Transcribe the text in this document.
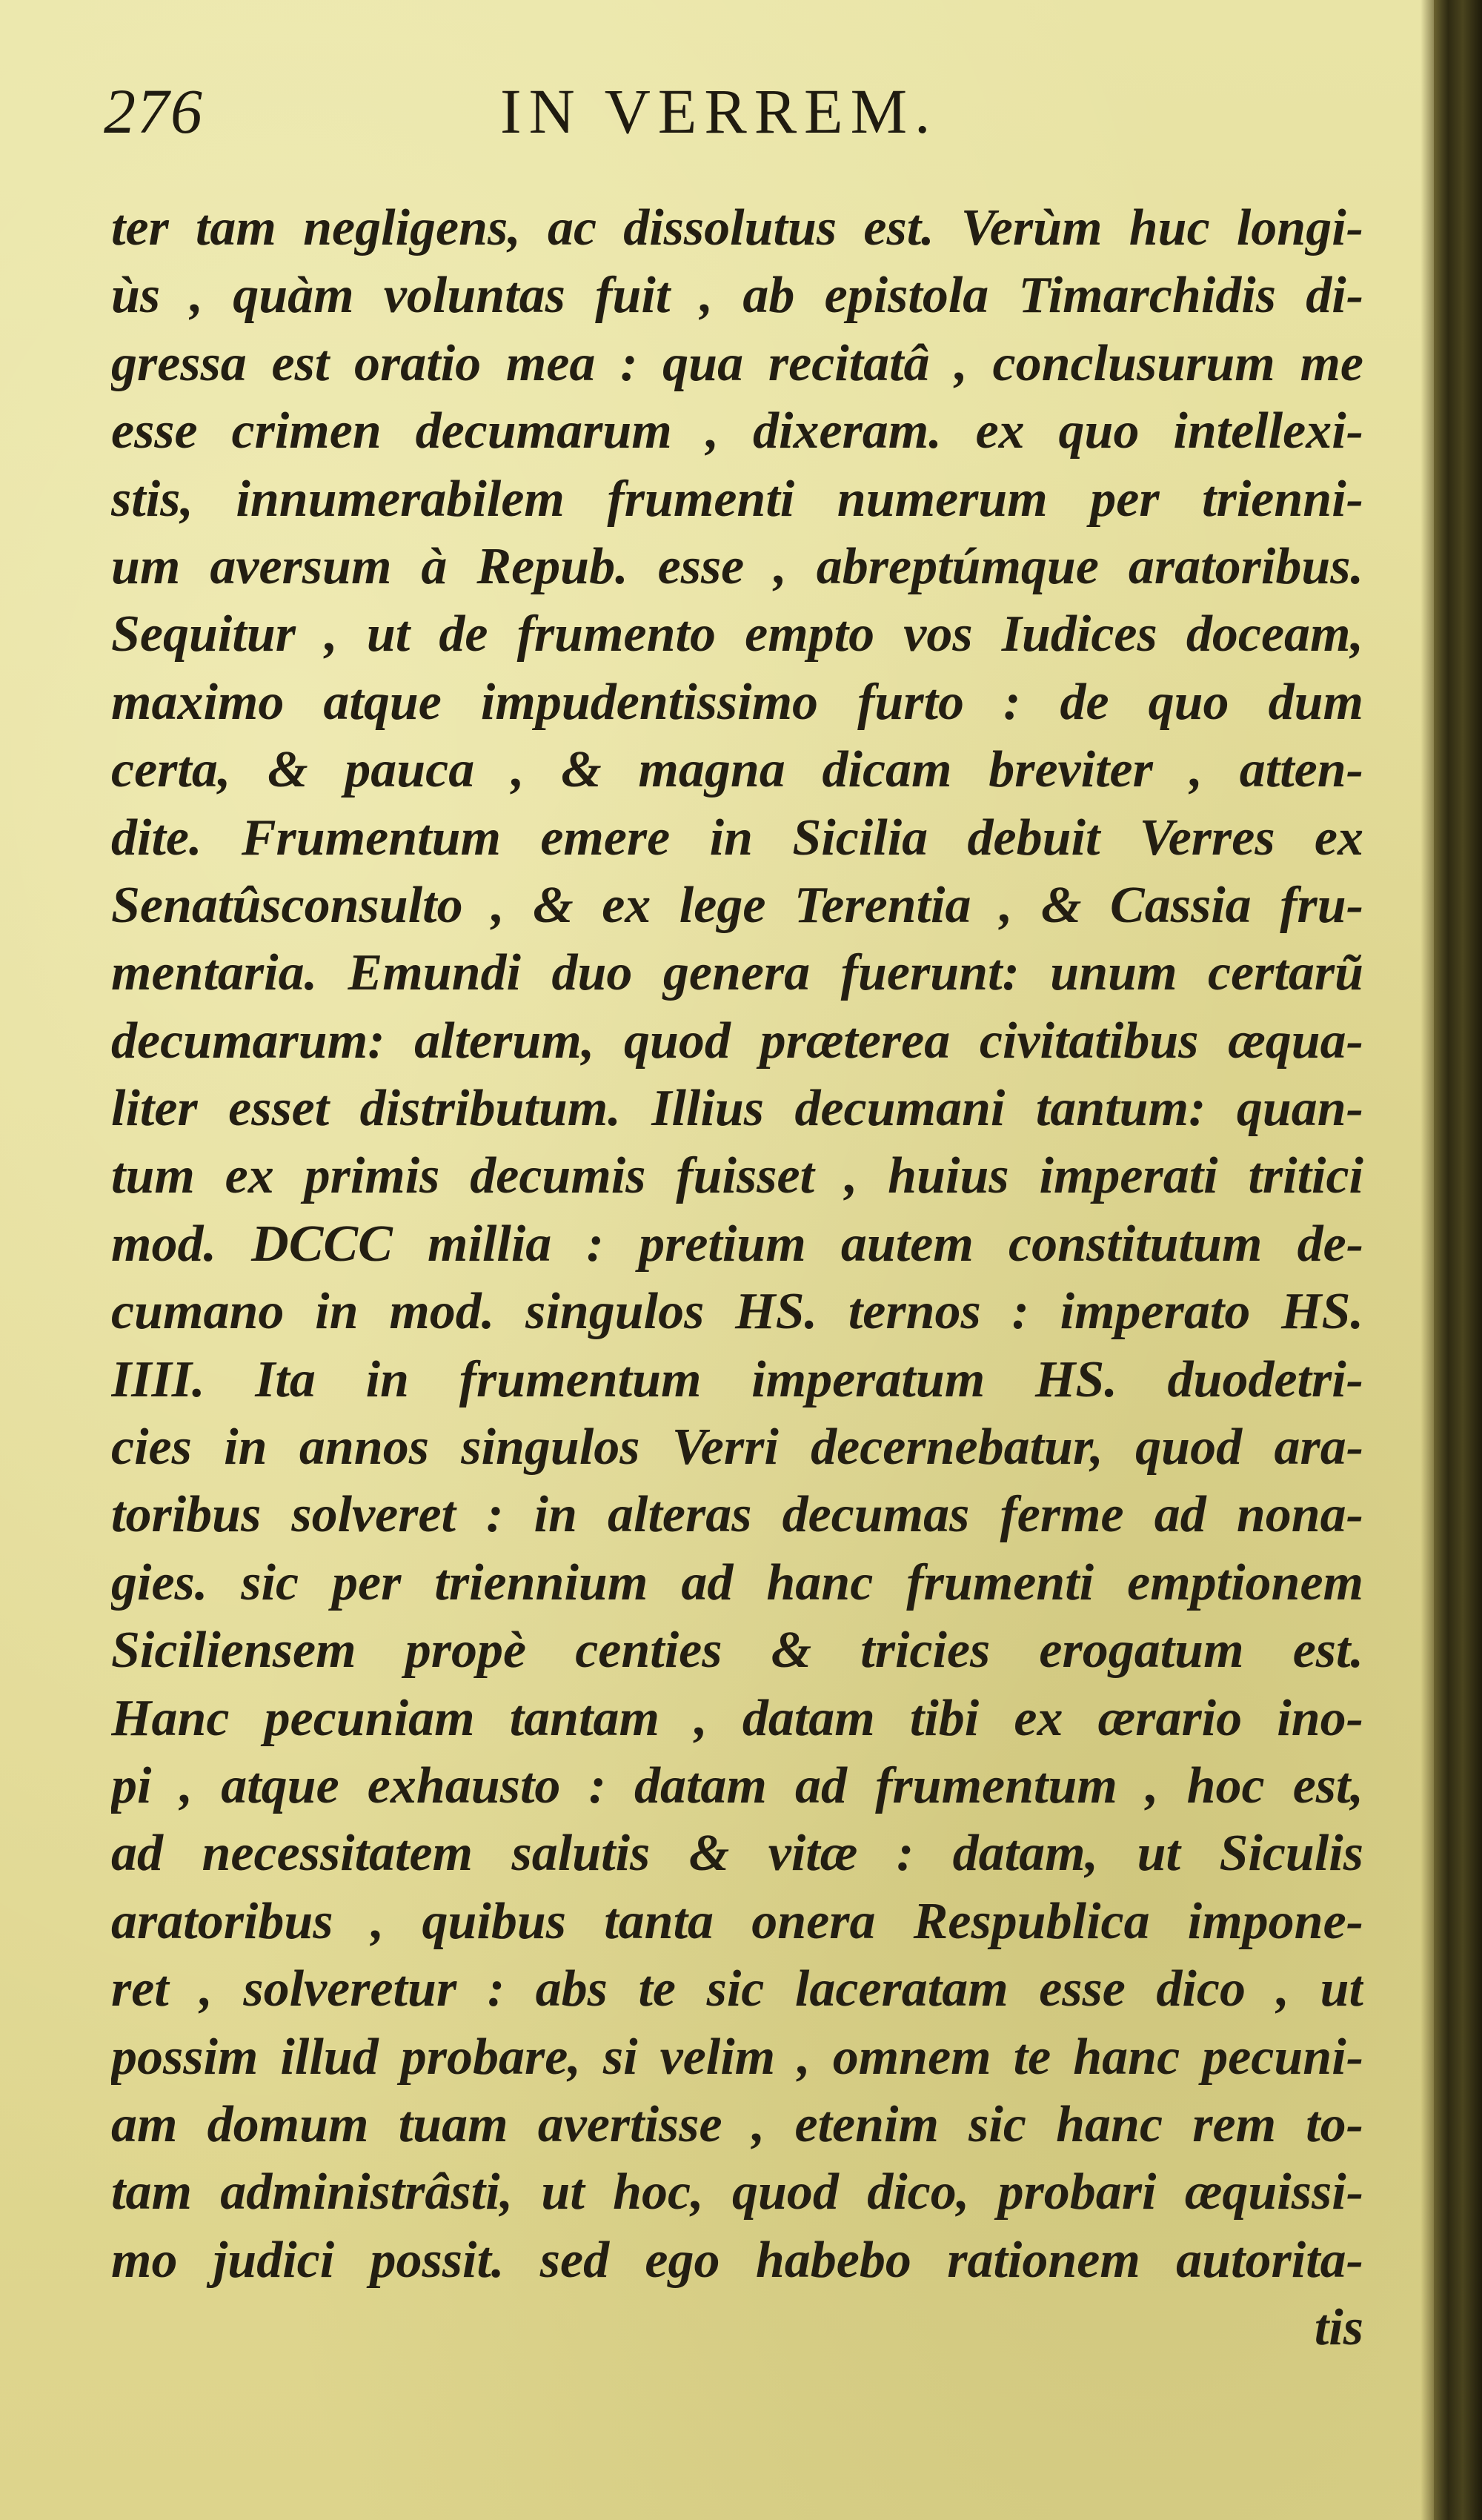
276	IN VERREM.
ter tam negligens, ac dissolutus est. Verùm huc longi-
ùs , quàm voluntas fuit , ab epistola Timarchidis di-
gressa est oratio mea : qua recitatâ , conclusurum me
esse crimen decumarum , dixeram. ex quo intellexi-
stis, innumerabilem frumenti numerum per trienni-
um aversum à Repub. esse , abreptúmque aratoribus.
Sequitur , ut de frumento empto vos Iudices doceam,
maximo atque impudentissimo furto : de quo dum
certa, & pauca , & magna dicam breviter , atten-
dite. Frumentum emere in Sicilia debuit Verres ex
Senatûsconsulto , & ex lege Terentia , & Cassia fru-
mentaria. Emundi duo genera fuerunt: unum certarũ
decumarum: alterum, quod præterea civitatibus æqua-
liter esset distributum. Illius decumani tantum: quan-
tum ex primis decumis fuisset , huius imperati tritici
mod. DCCC millia : pretium autem constitutum de-
cumano in mod. singulos HS. ternos : imperato HS.
IIII. Ita in frumentum imperatum HS. duodetri-
cies in annos singulos Verri decernebatur, quod ara-
toribus solveret : in alteras decumas ferme ad nona-
gies. sic per triennium ad hanc frumenti emptionem
Siciliensem propè centies & tricies erogatum est.
Hanc pecuniam tantam , datam tibi ex ærario ino-
pi , atque exhausto : datam ad frumentum , hoc est,
ad necessitatem salutis & vitæ : datam, ut Siculis
aratoribus , quibus tanta onera Respublica impone-
ret , solveretur : abs te sic laceratam esse dico , ut
possim illud probare, si velim , omnem te hanc pecuni-
am domum tuam avertisse , etenim sic hanc rem to-
tam administrâsti, ut hoc, quod dico, probari æquissi-
mo judici possit. sed ego habebo rationem autorita-
tis
